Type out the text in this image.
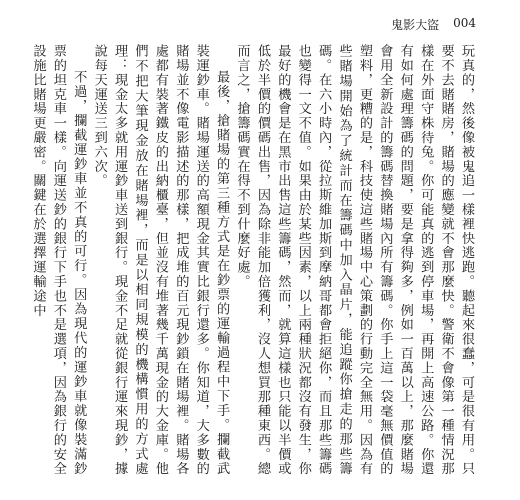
鬼影大盜 004

玩真的，然後像被鬼追一樣裡快逃跑。聽起來很蠢，可是很有用。只要不去賭賭房，賭場的應變就不會那麼快。警衛不會像第一種情況那樣在外面守株待兔。你可能真的逃到停車場，再開上高速公路。你還有如何處理籌碼的問題，要是拿得夠多，例如一百萬以上，那麼賭場會用全新設計的籌碼替換賭場內所有籌碼。你手上這一袋毫無價值的塑料，更糟的是，科技使這些賭場中心策劃的行動完全無用。因為有些賭場開始為了統計而在籌碼中加入晶片，能追蹤你搶走的那些籌碼。在六小時內，從拉斯維加斯到摩納哥都會拒絕你，而且那些籌碼也變得一文不值。如果由於某些因素，以上兩種狀況都沒有發生，你最好的機會是在黑市出售這些籌碼，然而，就算這樣也只能以半價或低於半價的價碼出售，因為除非能加倍獲利，沒人想買那種東西。總而言之，搶籌碼實在得不到什麼好處。

最後，搶賭場的第三種方式是在鈔票的運輸過程中下手。攔截武裝運鈔車。賭場運送的高額現金其實比銀行還多。你知道，大多數的賭場並不像電影描述的那樣，把成堆的百元現鈔鎖在賭場裡。賭場各處都有裝著鐵皮的出納櫃臺，但並沒有堆著幾千萬現金的大金庫。他們不把大筆現金放在賭場裡，而是以相同規模的機構慣用的方式處理：現金太多就用運鈔車送到銀行。現金不足就從銀行運來現鈔，據說每天運送三到六次。

不過，攔截運鈔車並不真的可行。因為現代的運鈔車就像裝滿鈔票的坦克車一樣。向運送鈔的銀行下手也不是選項，因為銀行的安全設施比賭場更嚴密。關鍵在於選擇運輸途中
